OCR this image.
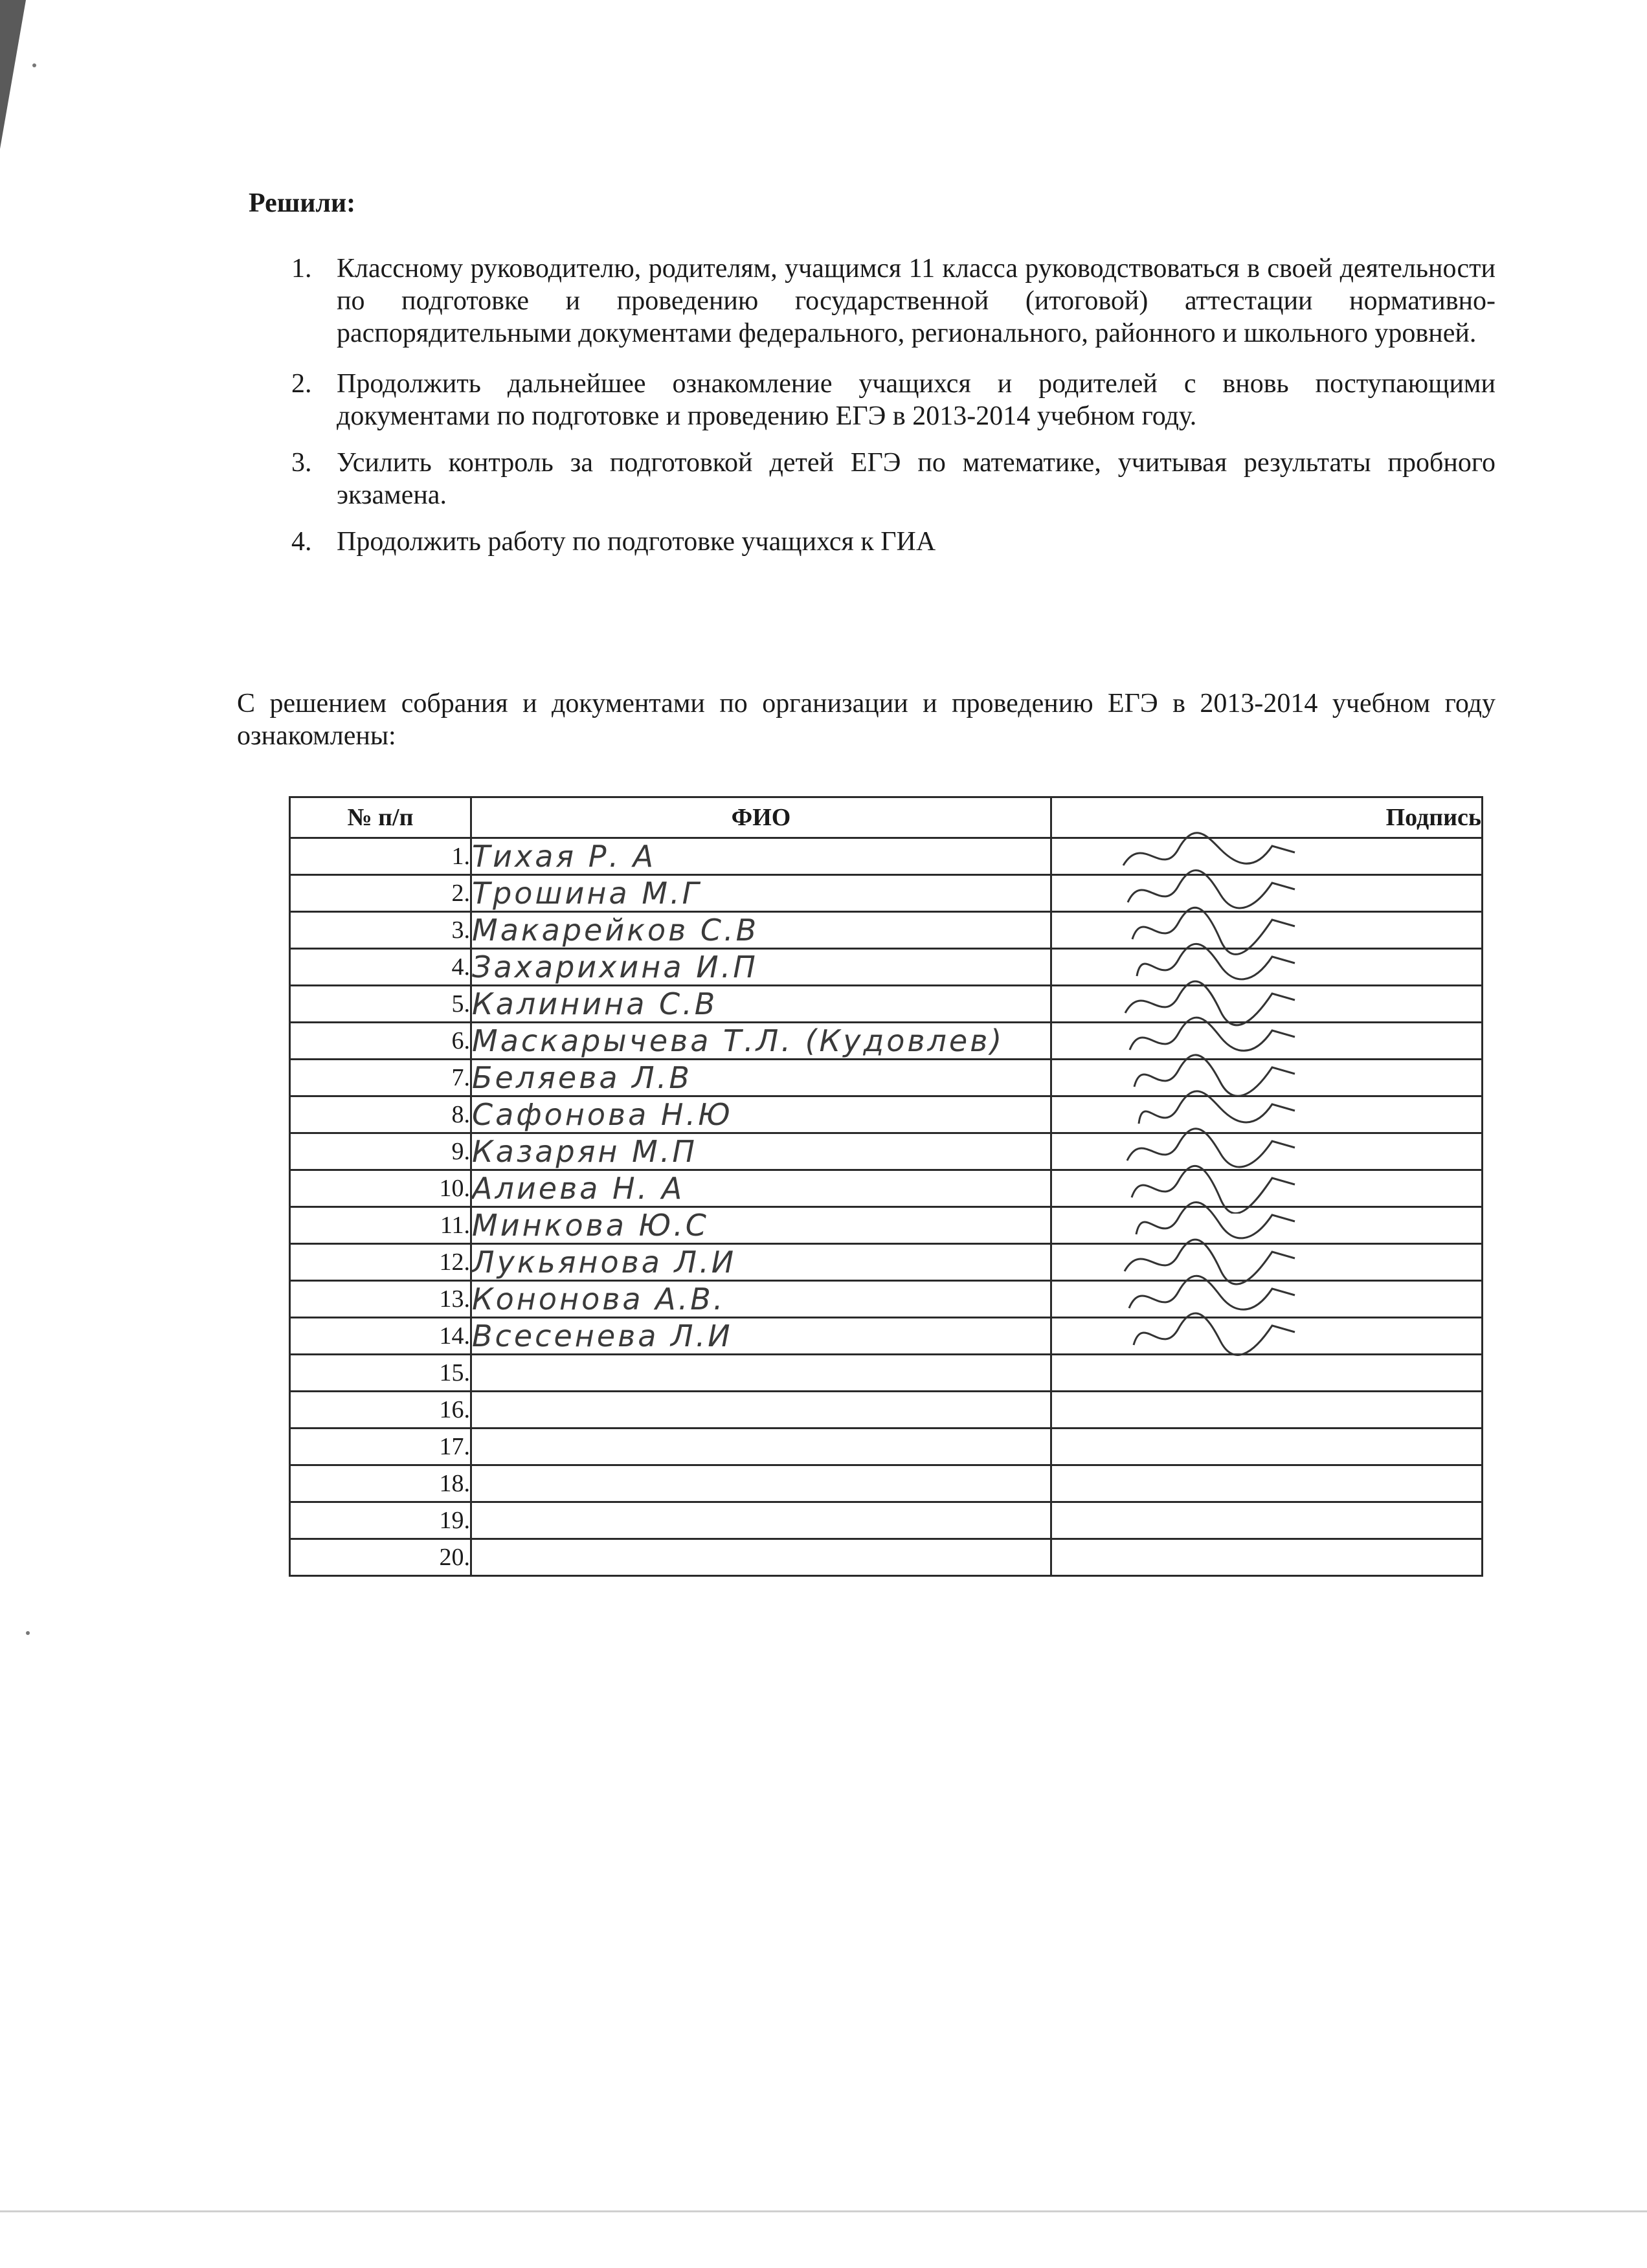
Решили:
1. Классному руководителю, родителям, учащимся 11 класса руководствоваться в своей деятельности по подготовке и проведению государственной (итоговой) аттестации нормативно-распорядительными документами федерального, регионального, районного и школьного уровней.
2. Продолжить дальнейшее ознакомление учащихся и родителей с вновь поступающими документами по подготовке и проведению ЕГЭ в 2013-2014 учебном году.
3. Усилить контроль за подготовкой детей ЕГЭ по математике, учитывая результаты пробного экзамена.
4. Продолжить работу по подготовке учащихся к ГИА
С решением собрания и документами по организации и проведению ЕГЭ в 2013-2014 учебном году ознакомлены:
№ п/п	ФИО	Подпись
1.	Тихая Р. А	

2.	Трошина М.Г	

3.	Макарейков С.В	

4.	Захарихина И.П	

5.	Калинина С.В	

6.	Маскарычева Т.Л. (Кудовлев)	

7.	Беляева Л.В	

8.	Сафонова Н.Ю	

9.	Казарян М.П	

10.	Алиева Н. А	

11.	Минкова Ю.С	

12.	Лукьянова Л.И	

13.	Кононова А.В.	

14.	Всесенева Л.И	

15.		
16.		
17.		
18.		
19.		
20.		
